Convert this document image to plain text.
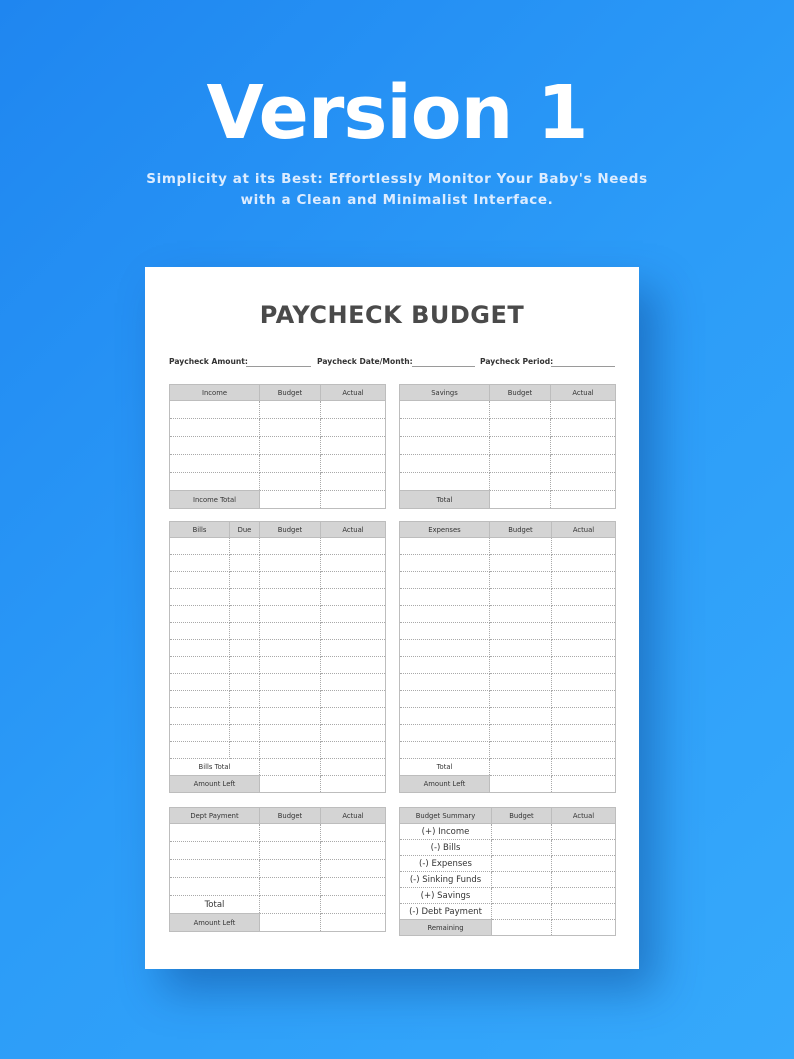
Version 1
Simplicity at its Best: Effortlessly Monitor Your Baby's Needs
with a Clean and Minimalist Interface.
PAYCHECK BUDGET
Paycheck Amount:	Paycheck Date/Month:	Paycheck Period:
Income	Budget	Actual

Income Total		
Savings	Budget	Actual

Total		
Bills	Due	Budget	Actual

Bills Total			
Amount Left			
Expenses	Budget	Actual

Total		
Amount Left		
Dept Payment	Budget	Actual

Total		
Amount Left		
Budget Summary	Budget	Actual
(+) Income		
(-) Bills		
(-) Expenses		
(-) Sinking Funds		
(+) Savings		
(-) Debt Payment		
Remaining		
